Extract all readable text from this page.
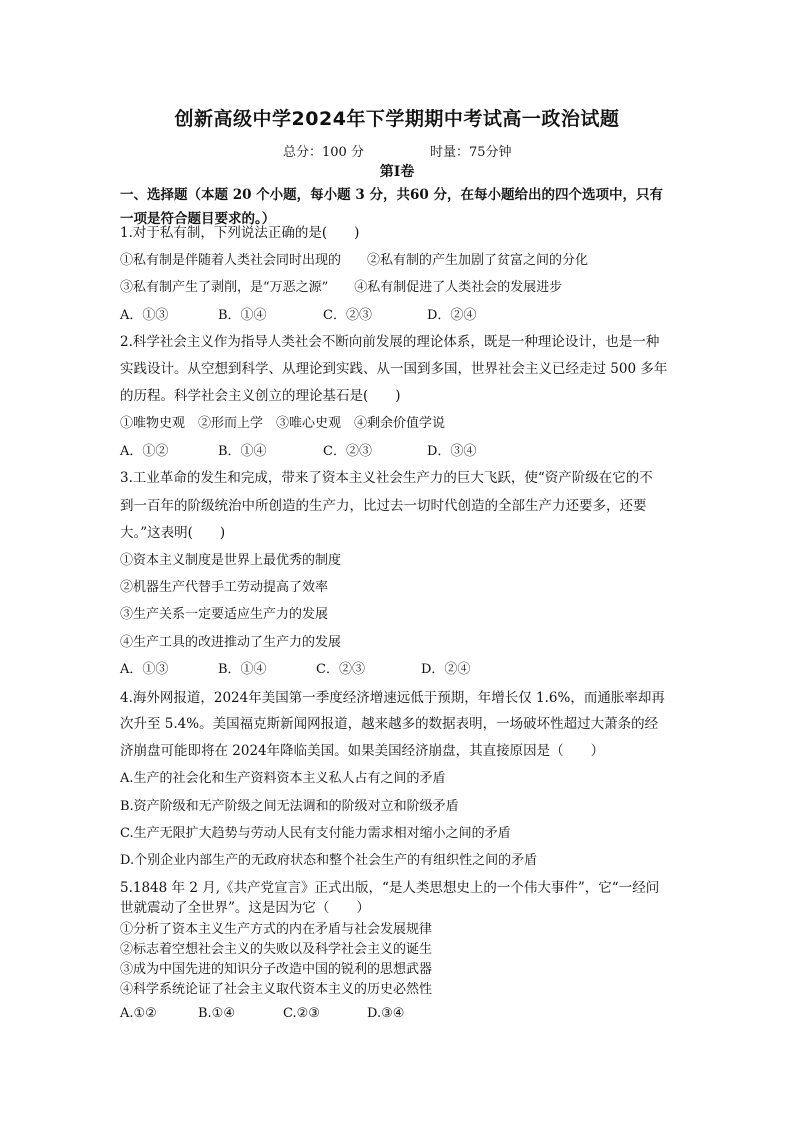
创新高级中学2024年下学期期中考试高一政治试题
总分：100 分	时量：75分钟
第Ⅰ卷
一、选择题（本题 20 个小题，每小题 3 分，共60 分，在每小题给出的四个选项中，只有
一项是符合题目要求的。）
1.对于私有制，下列说法正确的是(　　)
①私有制是伴随着人类社会同时出现的　　②私有制的产生加剧了贫富之间的分化
③私有制产生了剥削，是“万恶之源”　　④私有制促进了人类社会的发展进步
A．①③	B．①④	C．②③	D．②④
2.科学社会主义作为指导人类社会不断向前发展的理论体系，既是一种理论设计，也是一种
实践设计。从空想到科学、从理论到实践、从一国到多国，世界社会主义已经走过 500 多年
的历程。科学社会主义创立的理论基石是(　　)
①唯物史观　②形而上学　③唯心史观　④剩余价值学说
A．①②	B．①④	C．②③	D．③④
3.工业革命的发生和完成，带来了资本主义社会生产力的巨大飞跃，使“资产阶级在它的不
到一百年的阶级统治中所创造的生产力，比过去一切时代创造的全部生产力还要多，还要
大。”这表明(　　)
①资本主义制度是世界上最优秀的制度
②机器生产代替手工劳动提高了效率
③生产关系一定要适应生产力的发展
④生产工具的改进推动了生产力的发展
A．①③	B．①④	C．②③	D．②④
4.海外网报道，2024年美国第一季度经济增速远低于预期，年增长仅 1.6%，而通胀率却再
次升至 5.4%。美国福克斯新闻网报道，越来越多的数据表明，一场破坏性超过大萧条的经
济崩盘可能即将在 2024年降临美国。如果美国经济崩盘，其直接原因是（　　）
A.生产的社会化和生产资料资本主义私人占有之间的矛盾
B.资产阶级和无产阶级之间无法调和的阶级对立和阶级矛盾
C.生产无限扩大趋势与劳动人民有支付能力需求相对缩小之间的矛盾
D.个别企业内部生产的无政府状态和整个社会生产的有组织性之间的矛盾
5.1848 年 2 月,《共产党宣言》正式出版，“是人类思想史上的一个伟大事件”，它“一经问
世就震动了全世界”。这是因为它（　　）
①分析了资本主义生产方式的内在矛盾与社会发展规律
②标志着空想社会主义的失败以及科学社会主义的诞生
③成为中国先进的知识分子改造中国的锐利的思想武器
④科学系统论证了社会主义取代资本主义的历史必然性
A.①②	B.①④	C.②③	D.③④
